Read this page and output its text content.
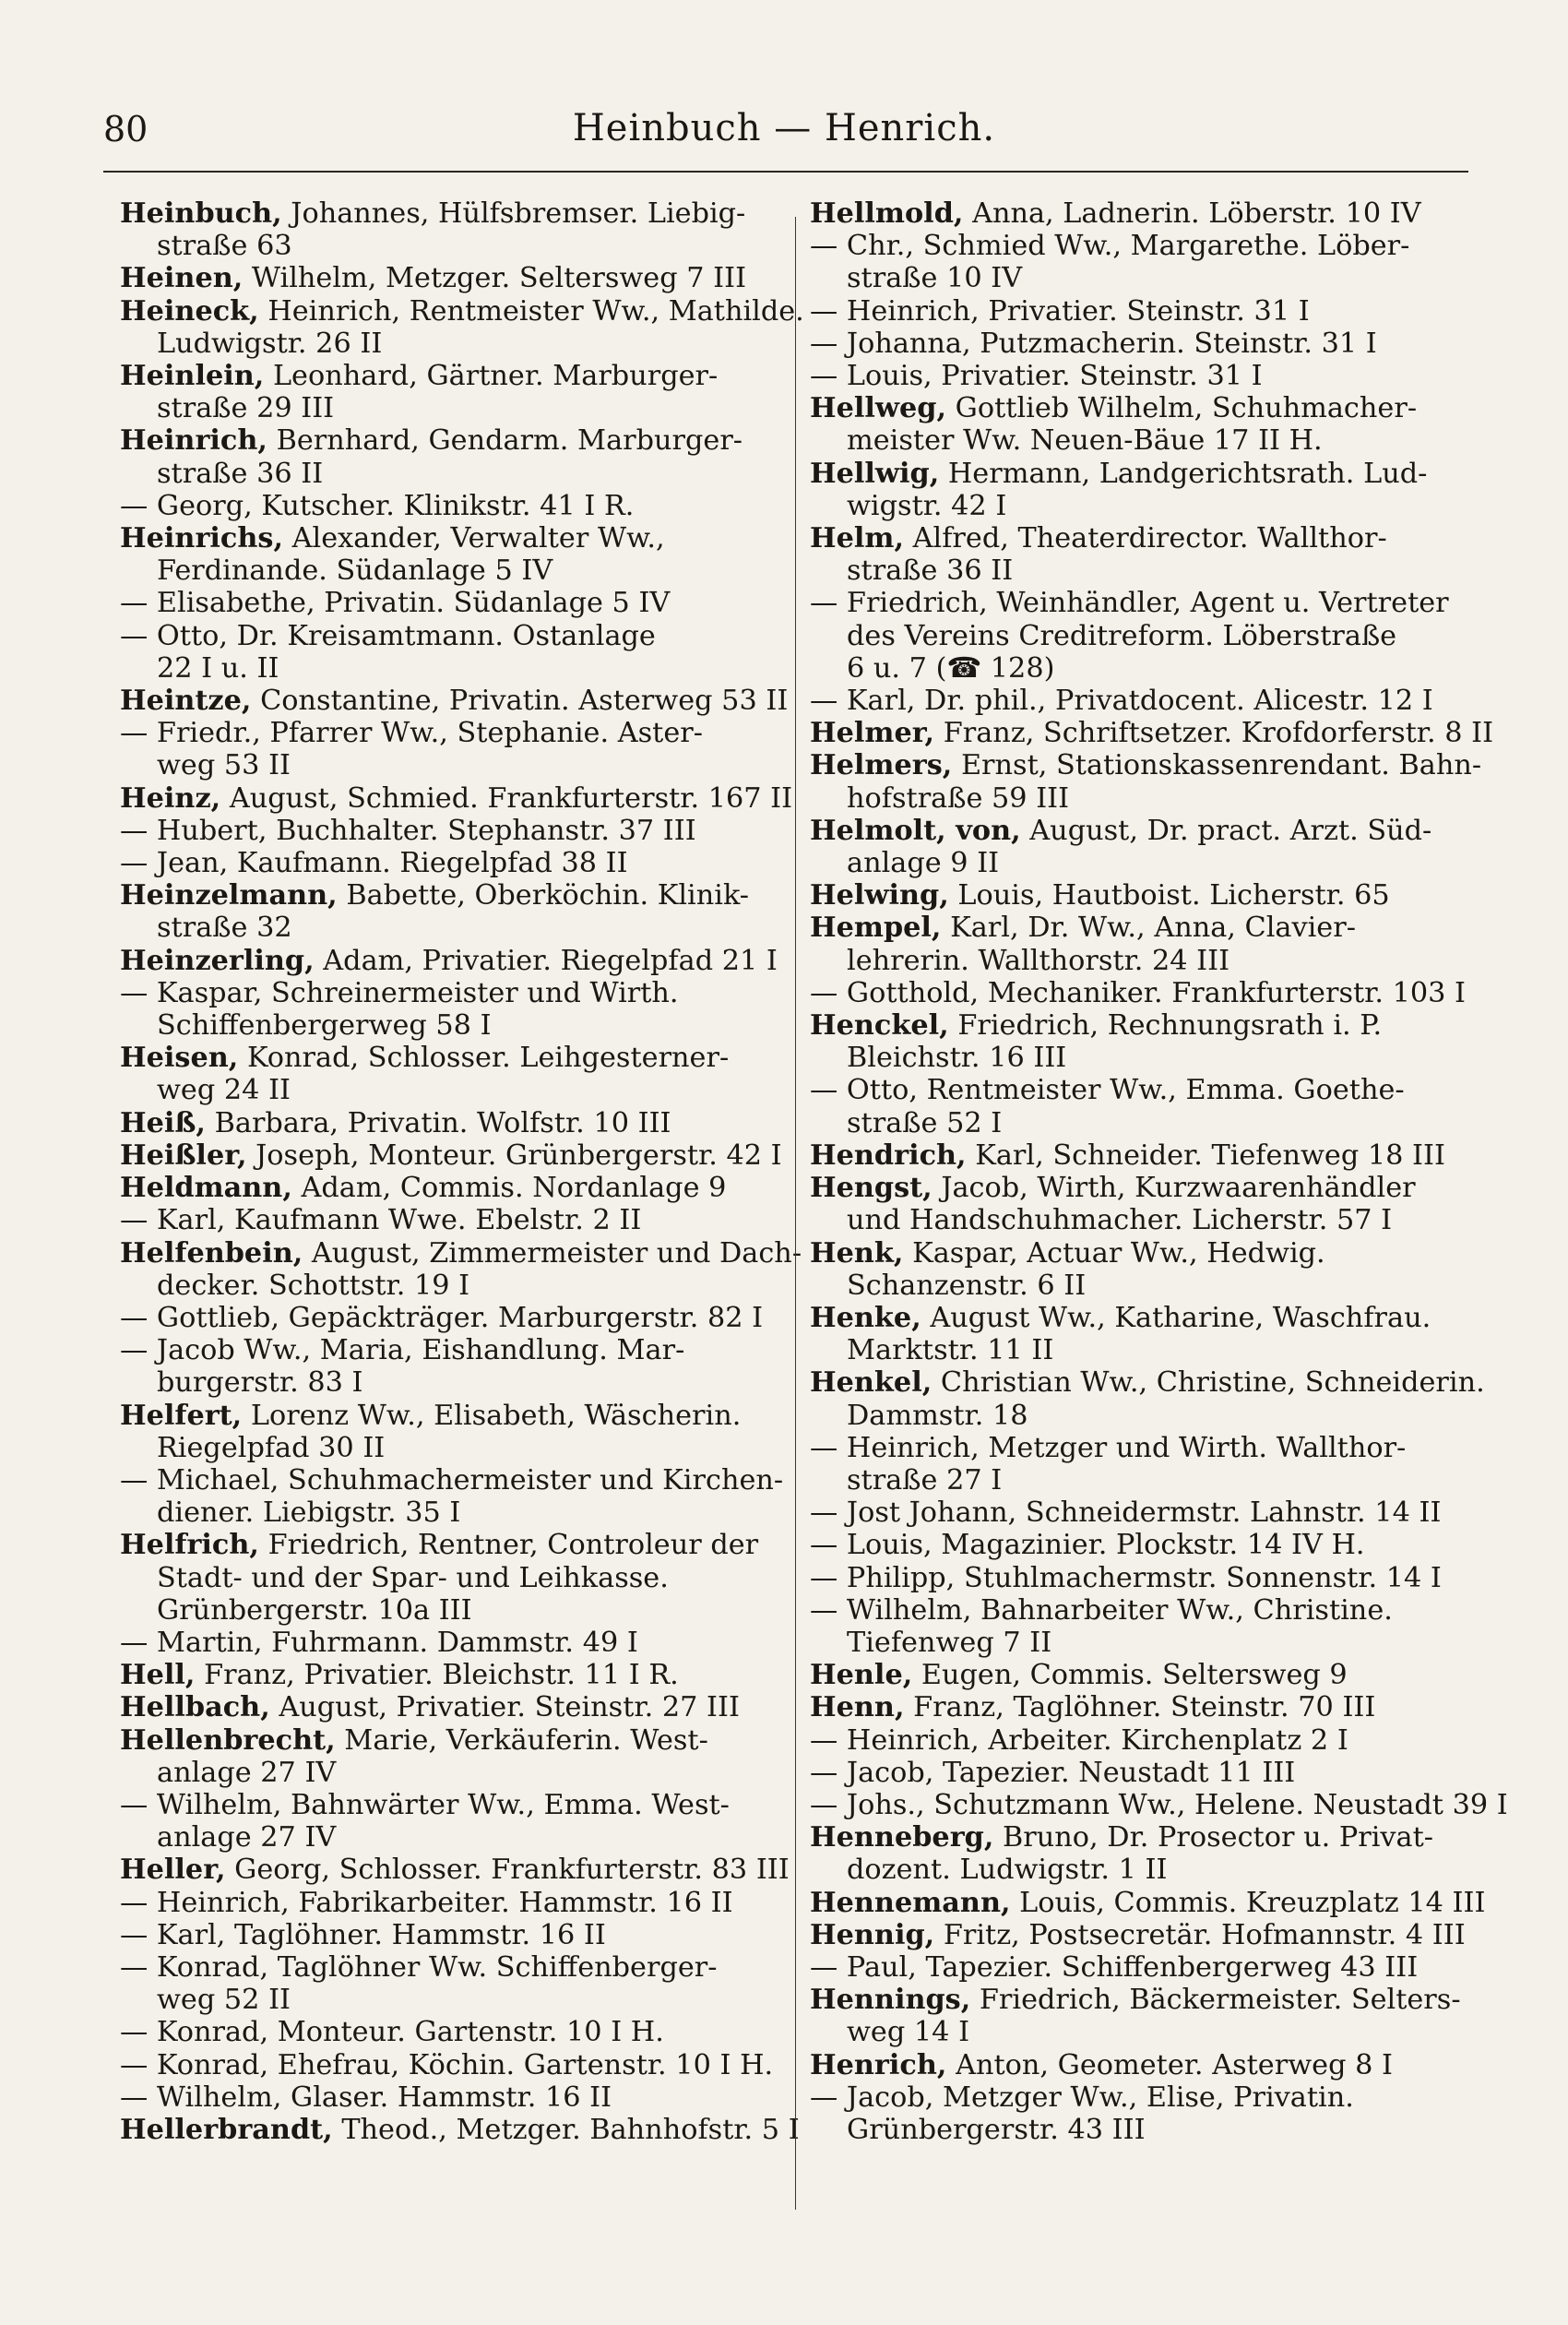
80	Heinbuch — Henrich.

Heinbuch, Johannes, Hülfsbremser. Liebig-

straße 63

Heinen, Wilhelm, Metzger. Seltersweg 7 III

Heineck, Heinrich, Rentmeister Ww., Mathilde.

Ludwigstr. 26 II

Heinlein, Leonhard, Gärtner. Marburger-

straße 29 III

Heinrich, Bernhard, Gendarm. Marburger-

straße 36 II

— Georg, Kutscher. Klinikstr. 41 I R.

Heinrichs, Alexander, Verwalter Ww.,

Ferdinande. Südanlage 5 IV

— Elisabethe, Privatin. Südanlage 5 IV

— Otto, Dr. Kreisamtmann. Ostanlage

22 I u. II

Heintze, Constantine, Privatin. Asterweg 53 II

— Friedr., Pfarrer Ww., Stephanie. Aster-

weg 53 II

Heinz, August, Schmied. Frankfurterstr. 167 II

— Hubert, Buchhalter. Stephanstr. 37 III

— Jean, Kaufmann. Riegelpfad 38 II

Heinzelmann, Babette, Oberköchin. Klinik-

straße 32

Heinzerling, Adam, Privatier. Riegelpfad 21 I

— Kaspar, Schreinermeister und Wirth.

Schiffenbergerweg 58 I

Heisen, Konrad, Schlosser. Leihgesterner-

weg 24 II

Heiß, Barbara, Privatin. Wolfstr. 10 III

Heißler, Joseph, Monteur. Grünbergerstr. 42 I

Heldmann, Adam, Commis. Nordanlage 9

— Karl, Kaufmann Wwe. Ebelstr. 2 II

Helfenbein, August, Zimmermeister und Dach-

decker. Schottstr. 19 I

— Gottlieb, Gepäckträger. Marburgerstr. 82 I

— Jacob Ww., Maria, Eishandlung. Mar-

burgerstr. 83 I

Helfert, Lorenz Ww., Elisabeth, Wäscherin.

Riegelpfad 30 II

— Michael, Schuhmachermeister und Kirchen-

diener. Liebigstr. 35 I

Helfrich, Friedrich, Rentner, Controleur der

Stadt- und der Spar- und Leihkasse.

Grünbergerstr. 10a III

— Martin, Fuhrmann. Dammstr. 49 I

Hell, Franz, Privatier. Bleichstr. 11 I R.

Hellbach, August, Privatier. Steinstr. 27 III

Hellenbrecht, Marie, Verkäuferin. West-

anlage 27 IV

— Wilhelm, Bahnwärter Ww., Emma. West-

anlage 27 IV

Heller, Georg, Schlosser. Frankfurterstr. 83 III

— Heinrich, Fabrikarbeiter. Hammstr. 16 II

— Karl, Taglöhner. Hammstr. 16 II

— Konrad, Taglöhner Ww. Schiffenberger-

weg 52 II

— Konrad, Monteur. Gartenstr. 10 I H.

— Konrad, Ehefrau, Köchin. Gartenstr. 10 I H.

— Wilhelm, Glaser. Hammstr. 16 II

Hellerbrandt, Theod., Metzger. Bahnhofstr. 5 I

Hellmold, Anna, Ladnerin. Löberstr. 10 IV

— Chr., Schmied Ww., Margarethe. Löber-

straße 10 IV

— Heinrich, Privatier. Steinstr. 31 I

— Johanna, Putzmacherin. Steinstr. 31 I

— Louis, Privatier. Steinstr. 31 I

Hellweg, Gottlieb Wilhelm, Schuhmacher-

meister Ww. Neuen-Bäue 17 II H.

Hellwig, Hermann, Landgerichtsrath. Lud-

wigstr. 42 I

Helm, Alfred, Theaterdirector. Wallthor-

straße 36 II

— Friedrich, Weinhändler, Agent u. Vertreter

des Vereins Creditreform. Löberstraße

6 u. 7 (☎ 128)

— Karl, Dr. phil., Privatdocent. Alicestr. 12 I

Helmer, Franz, Schriftsetzer. Krofdorferstr. 8 II

Helmers, Ernst, Stationskassenrendant. Bahn-

hofstraße 59 III

Helmolt, von, August, Dr. pract. Arzt. Süd-

anlage 9 II

Helwing, Louis, Hautboist. Licherstr. 65

Hempel, Karl, Dr. Ww., Anna, Clavier-

lehrerin. Wallthorstr. 24 III

— Gotthold, Mechaniker. Frankfurterstr. 103 I

Henckel, Friedrich, Rechnungsrath i. P.

Bleichstr. 16 III

— Otto, Rentmeister Ww., Emma. Goethe-

straße 52 I

Hendrich, Karl, Schneider. Tiefenweg 18 III

Hengst, Jacob, Wirth, Kurzwaarenhändler

und Handschuhmacher. Licherstr. 57 I

Henk, Kaspar, Actuar Ww., Hedwig.

Schanzenstr. 6 II

Henke, August Ww., Katharine, Waschfrau.

Marktstr. 11 II

Henkel, Christian Ww., Christine, Schneiderin.

Dammstr. 18

— Heinrich, Metzger und Wirth. Wallthor-

straße 27 I

— Jost Johann, Schneidermstr. Lahnstr. 14 II

— Louis, Magazinier. Plockstr. 14 IV H.

— Philipp, Stuhlmachermstr. Sonnenstr. 14 I

— Wilhelm, Bahnarbeiter Ww., Christine.

Tiefenweg 7 II

Henle, Eugen, Commis. Seltersweg 9

Henn, Franz, Taglöhner. Steinstr. 70 III

— Heinrich, Arbeiter. Kirchenplatz 2 I

— Jacob, Tapezier. Neustadt 11 III

— Johs., Schutzmann Ww., Helene. Neustadt 39 I

Henneberg, Bruno, Dr. Prosector u. Privat-

dozent. Ludwigstr. 1 II

Hennemann, Louis, Commis. Kreuzplatz 14 III

Hennig, Fritz, Postsecretär. Hofmannstr. 4 III

— Paul, Tapezier. Schiffenbergerweg 43 III

Hennings, Friedrich, Bäckermeister. Selters-

weg 14 I

Henrich, Anton, Geometer. Asterweg 8 I

— Jacob, Metzger Ww., Elise, Privatin.

Grünbergerstr. 43 III
